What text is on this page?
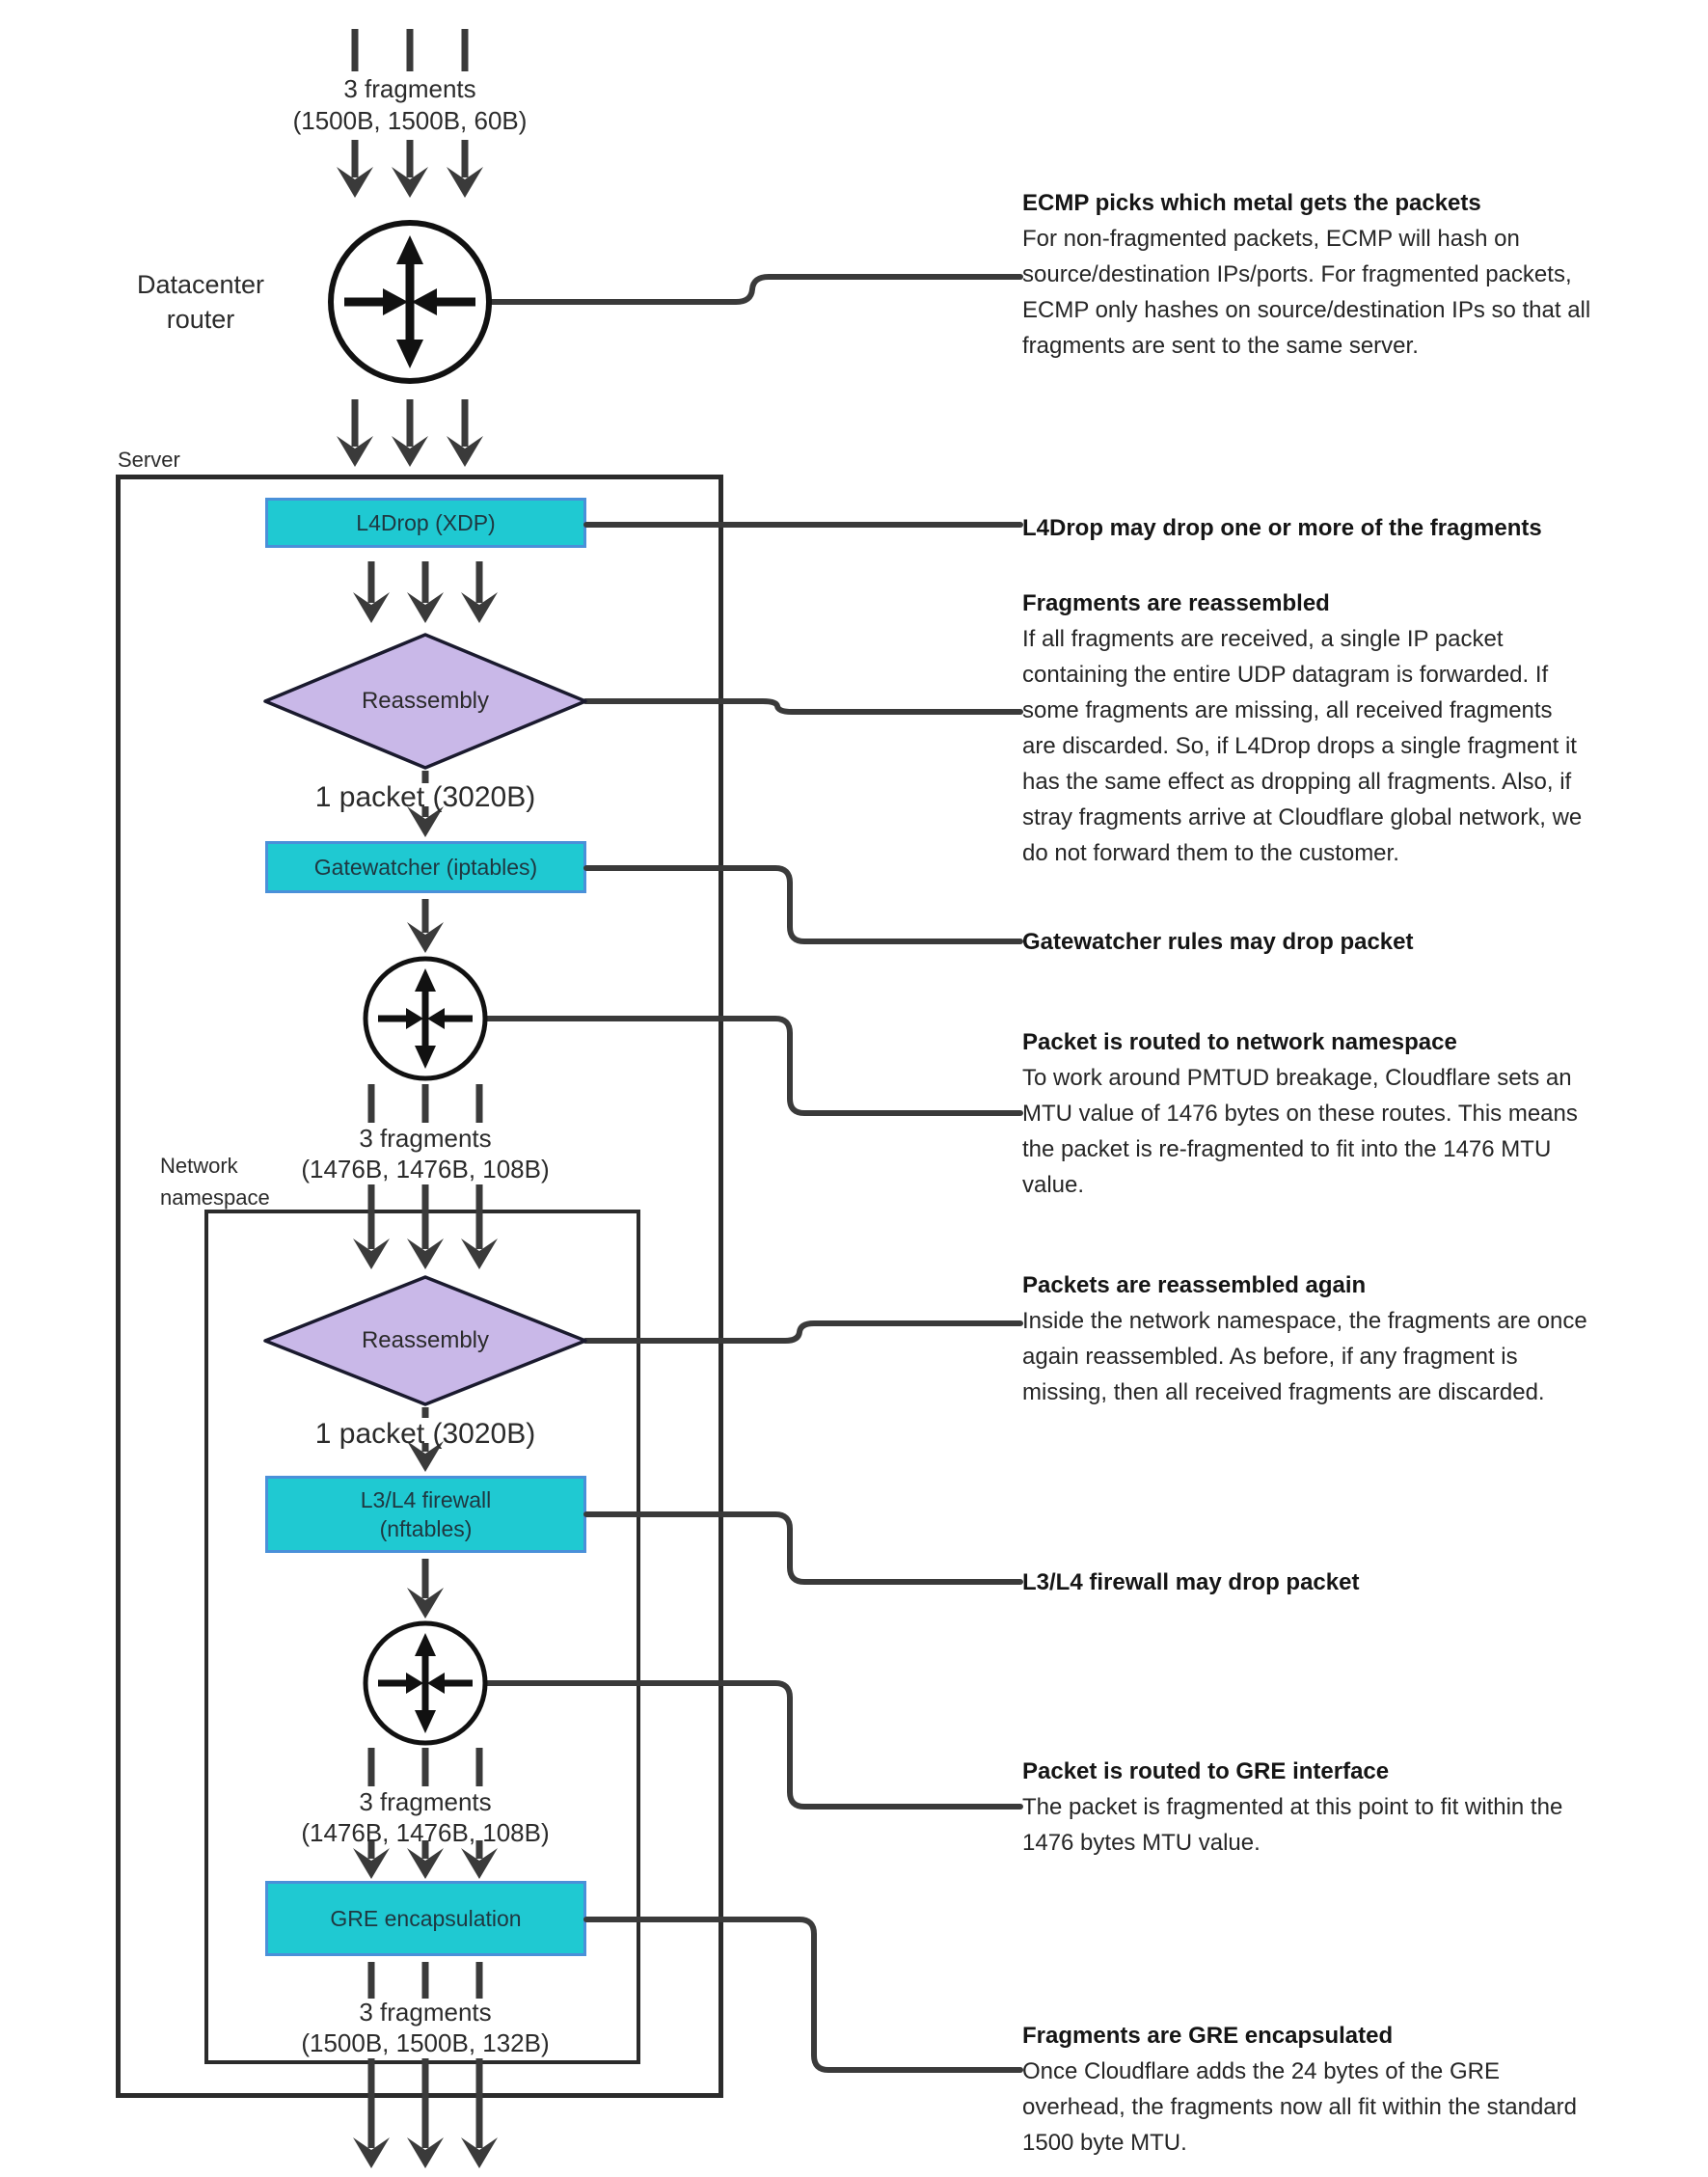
L4Drop (XDP)
Gatewatcher (iptables)
L3/L4 firewall
(nftables)
GRE encapsulation
Datacenter
router
Server
Network
namespace
3 fragments
(1500B, 1500B, 60B)
Reassembly
1 packet (3020B)
3 fragments
(1476B, 1476B, 108B)
Reassembly
1 packet (3020B)
3 fragments
(1476B, 1476B, 108B)
3 fragments
(1500B, 1500B, 132B)
ECMP picks which metal gets the packets
For non-fragmented packets, ECMP will hash on
source/destination IPs/ports. For fragmented packets,
ECMP only hashes on source/destination IPs so that all
fragments are sent to the same server.
L4Drop may drop one or more of the fragments
Fragments are reassembled
If all fragments are received, a single IP packet
containing the entire UDP datagram is forwarded. If
some fragments are missing, all received fragments
are discarded. So, if L4Drop drops a single fragment it
has the same effect as dropping all fragments. Also, if
stray fragments arrive at Cloudflare global network, we
do not forward them to the customer.
Gatewatcher rules may drop packet
Packet is routed to network namespace
To work around PMTUD breakage, Cloudflare sets an
MTU value of 1476 bytes on these routes. This means
the packet is re-fragmented to fit into the 1476 MTU
value.
Packets are reassembled again
Inside the network namespace, the fragments are once
again reassembled. As before, if any fragment is
missing, then all received fragments are discarded.
L3/L4 firewall may drop packet
Packet is routed to GRE interface
The packet is fragmented at this point to fit within the
1476 bytes MTU value.
Fragments are GRE encapsulated
Once Cloudflare adds the 24 bytes of the GRE
overhead, the fragments now all fit within the standard
1500 byte MTU.
